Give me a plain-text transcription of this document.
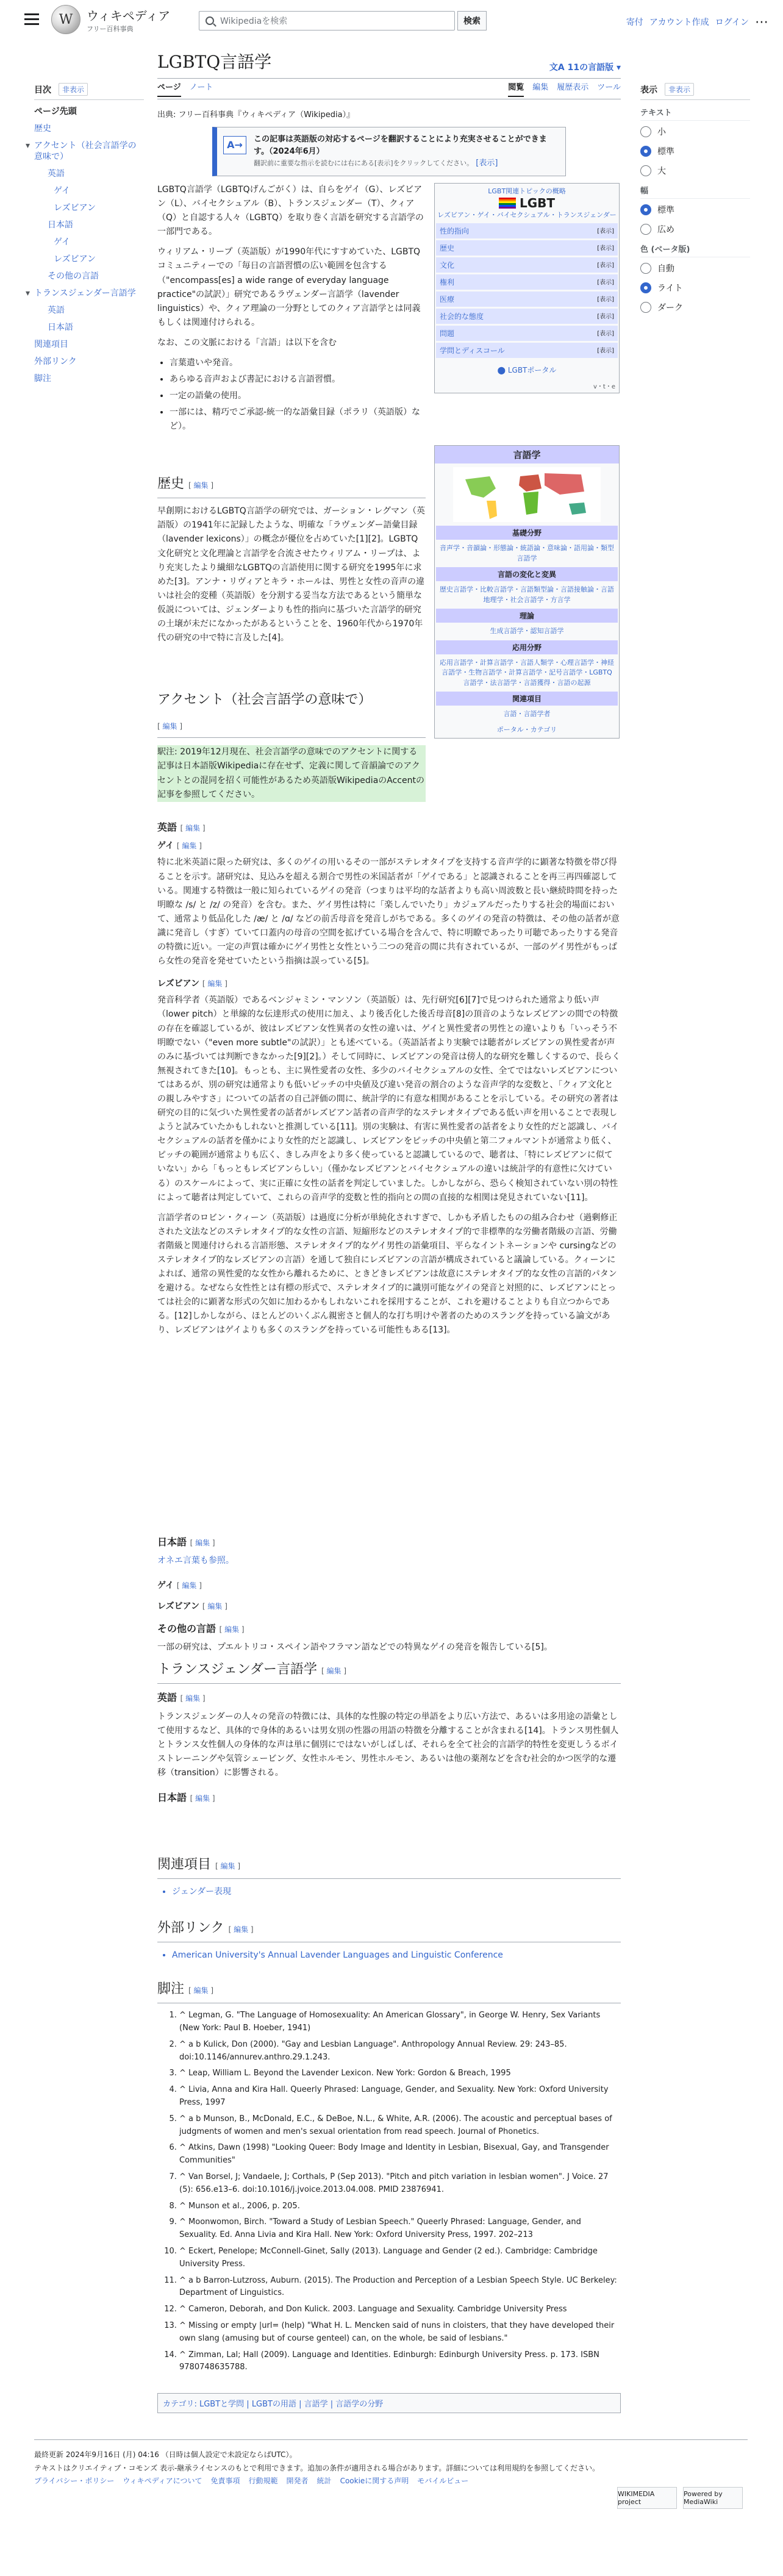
W	ウィキペディア
フリー百科事典
Wikipediaを検索	検索	寄付 アカウント作成 ログイン ⋯
目次	非表示
ページ先頭
歴史
▾ アクセント（社会言語学の意味で）
英語
ゲイ
レズビアン
日本語
ゲイ
レズビアン
その他の言語
▾ トランスジェンダー言語学
英語
日本語
関連項目
外部リンク
脚注
表示	非表示
テキスト
小
標準
大
幅
標準
広め
色 (ベータ版)
自動
ライト
ダーク
LGBTQ言語学	文A 11の言語版 ▾
ページ ノート	閲覧 編集 履歴表示 ツール
出典: フリー百科事典『ウィキペディア（Wikipedia）』
A→	この記事は英語版の対応するページを翻訳することにより充実させることができます。（2024年6月）
翻訳前に重要な指示を読むには右にある[表示]をクリックしてください。 [表示]

LGBTQ言語学（LGBTQげんごがく）は、自らをゲイ（G）、レズビアン（L）、バイセクシュアル（B）、トランスジェンダー（T）、クィア（Q）と自認する人々（LGBTQ）を取り巻く言語を研究する言語学の一部門である。

ウィリアム・リープ（英語版）が1990年代にすすめていた、LGBTQコミュニティーでの「毎日の言語習慣の広い範囲を包含する（"encompass[es] a wide range of everyday language practice"の試訳）」研究であるラヴェンダー言語学（lavender linguistics）や、クィア理論の一分野としてのクィア言語学とは同義もしくは関連付けられる。

なお、この文脈における「言語」は以下を含む

• 言葉遣いや発音。
• あらゆる音声および書記における言語習慣。
• 一定の語彙の使用。
• 一部には、精巧でご承認-統一的な語彙目録（ポラリ（英語版）など）。
LGBT関連トピックの概略
LGBT
レズビアン・ゲイ・バイセクシュアル・トランスジェンダー
性的指向	[表示]
歴史	[表示]
文化	[表示]
権利	[表示]
医療	[表示]
社会的な態度	[表示]
問題	[表示]
学問とディスコール	[表示]
⬤ LGBTポータル
v・t・e
言語学
基礎分野
音声学・音韻論・形態論・統語論・意味論・語用論・類型言語学
言語の変化と変異
歴史言語学・比較言語学・言語類型論・言語接触論・言語地理学・社会言語学・方言学
理論
生成言語学・認知言語学
応用分野
応用言語学・計算言語学・言語人類学・心理言語学・神経言語学・生物言語学・計算言語学・記号言語学・LGBTQ言語学・法言語学・言語獲得・言語の起源
関連項目
言語・言語学者
ポータル・カテゴリ
歴史 [ 編集 ]

早創期におけるLGBTQ言語学の研究では、ガーション・レグマン（英語版）の1941年に記録したような、明確な「ラヴェンダー語彙目録（lavender lexicons）」の概念が優位を占めていた[1][2]。LGBTQ文化研究と文化理論と言語学を合流させたウィリアム・リープは、より充実したより繊細なLGBTQの言語使用に関する研究を1995年に求めた[3]。アンナ・リヴィアとキラ・ホールは、男性と女性の音声の違いは社会的変種（英語版）を分割する妥当な方法であるという簡単な仮説については、ジェンダーよりも性的指向に基づいた言語学的研究の土壌が未だになかったがあるということを、1960年代から1970年代の研究の中で特に言及した[4]。

アクセント（社会言語学の意味で）
[ 編集 ]

駅注: 2019年12月現在、社会言語学の意味でのアクセントに関する記事は日本語版Wikipediaに存在せず、定義に関して音韻論でのアクセントとの混同を招く可能性があるため英語版WikipediaのAccentの記事を参照してください。

英語 [ 編集 ]
ゲイ [ 編集 ]

特に北米英語に限った研究は、多くのゲイの用いるその一部がステレオタイプを支持する音声学的に顕著な特徴を帯び得ることを示す。諸研究は、見込みを超える割合で男性の米国話者が「ゲイである」と認識されることを再三再四確認している。関連する特徴は一般に知られているゲイの発音（つまりは平均的な話者よりも高い周波数と長い継続時間を持った明瞭な /s/ と /z/ の発音）を含む。また、ゲイ男性は特に「楽しんでいたり」カジュアルだったりする社会的場面において、通常より低品化した /æ/ と /ɑ/ などの前舌母音を発音しがちである。多くのゲイの発音の特徴は、その他の話者が意識に発音し（すぎ）ていて口蓋内の母音の空間を拡げている場合を含んで、特に明瞭であったり可聴であったりする発音の特徴に近い。一定の声質は確かにゲイ男性と女性という二つの発音の間に共有されているが、一部のゲイ男性がもっぱら女性の発音を発せていたという指摘は誤っている[5]。

レズビアン [ 編集 ]

発音科学者（英語版）であるベンジャミン・マンソン（英語版）は、先行研究[6][7]で見つけられた通常より低い声（lower pitch）と単線的な伝達形式の使用に加え、より後舌化した後舌母音[8]の頂音のようなレズビアンの間での特徴の存在を確認しているが、彼はレズビアン女性異者の女性の違いは、ゲイと異性愛者の男性との違いよりも「いっそう不明瞭でない（"even more subtle"の試訳）」とも述べている。（英語話者より実験では聴者がレズビアンの異性愛者が声のみに基づいては判断できなかった[9][2]。）そして同時に、レズビアンの発音は傍人的な研究を難しくするので、長らく無視されてきた[10]。もっとも、主に異性愛者の女性、多少のバイセクシュアルの女性、全てではないレズビアンについてはあるが、別の研究は通常よりも低いピッチの中央値及び違い発音の割合のような音声学的な変数と、「クィア文化との親しみやすさ」についての話者の自己評価の間に、統計学的に有意な相関があることを示している。その研究の著者は研究の目的に気づいた異性愛者の話者がレズビアン話者の音声学的なステレオタイプである低い声を用いることで表現しようと試みていたかもしれないと推測している[11]。別の実験は、有害に異性愛者の話者をより女性的だと認識し、バイセクシュアルの話者を僅かにより女性的だと認識し、レズビアンをピッチの中央値と第二フォルマントが通常より低く、ピッチの範囲が通常よりも広く、きしみ声をより多く使っていると認識しているので、聴者は、「特にレズビアンに似ていない」から「もっともレズビアンらしい」（僅かなレズビアンとバイセクシュアルの違いは統計学的有意性に欠けている）のスケールによって、実に正確に女性の話者を判定していました。しかしながら、恐らく検知されていない別の特性によって聴者は判定していて、これらの音声学的変数と性的指向との間の直接的な相関は発見されていない[11]。

言語学者のロビン・クィーン（英語版）は過度に分析が単純化されすぎで、しかも矛盾したものの組み合わせ（過剰修正された文法などのステレオタイプ的な女性の言語、短縮形などのステレオタイプ的で非標準的な労働者階級の言語、労働者階級と関連付けられる言語形態、ステレオタイプ的なゲイ男性の語彙項目、平らなイントネーションや cursingなどのステレオタイプ的なレズビアンの言語）を通して独自にレズビアンの言語が構成されていると議論している。クィーンによれば、通常の異性愛的な女性から離れるために、ときどきレズビアンは故意にステレオタイプ的な女性の言語的パタンを避ける。なぜなら女性性とは有標の形式で、ステレオタイプ的に識別可能なゲイの発音と対照的に、レズビアンにとっては社会的に顕著な形式の欠如に加わるかもしれないこれを採用することが、これを避けることよりも自立つからである。[12]しかしながら、ほとんどのいくぶん親密さと個人的な打ち明けや著者のためのスラングを持っている論文があり、レズビアンはゲイよりも多くのスラングを持っている可能性もある[13]。

日本語 [ 編集 ]

オネエ言葉も参照。

ゲイ [ 編集 ]
レズビアン [ 編集 ]
その他の言語 [ 編集 ]

一部の研究は、プエルトリコ・スペイン語やフラマン語などでの特異なゲイの発音を報告している[5]。

トランスジェンダー言語学 [ 編集 ]
英語 [ 編集 ]

トランスジェンダーの人々の発音の特徴には、具体的な性腺の特定の単語をより広い方法で、あるいは多用途の語彙として使用するなど、具体的で身体的あるいは男女別の性器の用語の特徴を分離することが含まれる[14]。トランス男性個人とトランス女性個人の身体的な声は単に個別にではないがしばしば、それらを全て社会的言語学的特性を変更しうるボイストレーニングや気管シェービング、女性ホルモン、男性ホルモン、あるいは他の薬剤などを含む社会的かつ医学的な遷移（transition）に影響される。

日本語 [ 編集 ]
関連項目 [ 編集 ]
• ジェンダー表現
外部リンク [ 編集 ]
• American University's Annual Lavender Languages and Linguistic Conference
脚注 [ 編集 ]
1. ^ Legman, G. "The Language of Homosexuality: An American Glossary", in George W. Henry, Sex Variants (New York: Paul B. Hoeber, 1941)
2. ^ a b Kulick, Don (2000). "Gay and Lesbian Language". Anthropology Annual Review. 29: 243–85. doi:10.1146/annurev.anthro.29.1.243.
3. ^ Leap, William L. Beyond the Lavender Lexicon. New York: Gordon & Breach, 1995
4. ^ Livia, Anna and Kira Hall. Queerly Phrased: Language, Gender, and Sexuality. New York: Oxford University Press, 1997
5. ^ a b Munson, B., McDonald, E.C., & DeBoe, N.L., & White, A.R. (2006). The acoustic and perceptual bases of judgments of women and men's sexual orientation from read speech. Journal of Phonetics.
6. ^ Atkins, Dawn (1998) "Looking Queer: Body Image and Identity in Lesbian, Bisexual, Gay, and Transgender Communities"
7. ^ Van Borsel, J; Vandaele, J; Corthals, P (Sep 2013). "Pitch and pitch variation in lesbian women". J Voice. 27 (5): 656.e13–6. doi:10.1016/j.jvoice.2013.04.008. PMID 23876941.
8. ^ Munson et al., 2006, p. 205.
9. ^ Moonwomon, Birch. "Toward a Study of Lesbian Speech." Queerly Phrased: Language, Gender, and Sexuality. Ed. Anna Livia and Kira Hall. New York: Oxford University Press, 1997. 202–213
10. ^ Eckert, Penelope; McConnell-Ginet, Sally (2013). Language and Gender (2 ed.). Cambridge: Cambridge University Press.
11. ^ a b Barron-Lutzross, Auburn. (2015). The Production and Perception of a Lesbian Speech Style. UC Berkeley: Department of Linguistics.
12. ^ Cameron, Deborah, and Don Kulick. 2003. Language and Sexuality. Cambridge University Press
13. ^ Missing or empty |url= (help) "What H. L. Mencken said of nuns in cloisters, that they have developed their own slang (amusing but of course genteel) can, on the whole, be said of lesbians."
14. ^ Zimman, Lal; Hall (2009). Language and Identities. Edinburgh: Edinburgh University Press. p. 173. ISBN 9780748635788.
カテゴリ: LGBTと学問 | LGBTの用語 | 言語学 | 言語学の分野
最終更新 2024年9月16日 (月) 04:16 （日時は個人設定で未設定ならばUTC）。
テキストはクリエイティブ・コモンズ 表示-継承ライセンスのもとで利用できます。追加の条件が適用される場合があります。詳細については利用規約を参照してください。
プライバシー・ポリシー ウィキペディアについて 免責事項 行動規範 開発者 統計 Cookieに関する声明 モバイルビュー
WIKIMEDIA project
Powered by MediaWiki
